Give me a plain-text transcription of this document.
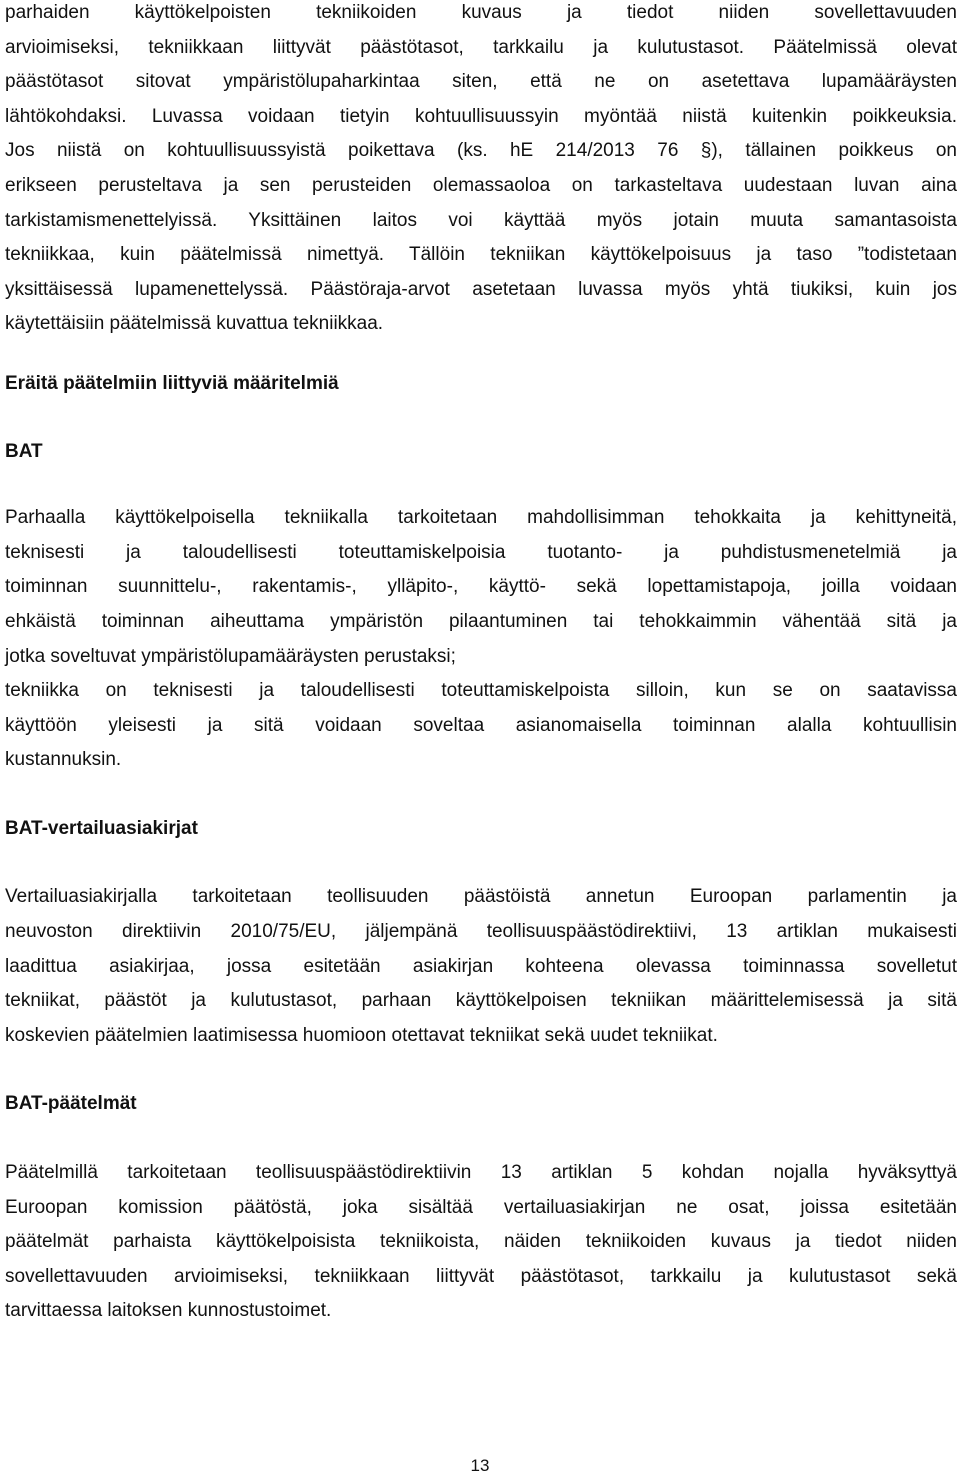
parhaiden käyttökelpoisten tekniikoiden kuvaus ja tiedot niiden sovellettavuuden
arvioimiseksi, tekniikkaan liittyvät päästötasot, tarkkailu ja kulutustasot. Päätelmissä olevat
päästötasot sitovat ympäristölupaharkintaa siten, että ne on asetettava lupamääräysten
lähtökohdaksi. Luvassa voidaan tietyin kohtuullisuussyin myöntää niistä kuitenkin poikkeuksia.
Jos niistä on kohtuullisuussyistä poikettava (ks. hE 214/2013 76 §), tällainen poikkeus on
erikseen perusteltava ja sen perusteiden olemassaoloa on tarkasteltava uudestaan luvan aina
tarkistamismenettelyissä. Yksittäinen laitos voi käyttää myös jotain muuta samantasoista
tekniikkaa, kuin päätelmissä nimettyä. Tällöin tekniikan käyttökelpoisuus ja taso ”todistetaan
yksittäisessä lupamenettelyssä. Päästöraja-arvot asetetaan luvassa myös yhtä tiukiksi, kuin jos
käytettäisiin päätelmissä kuvattua tekniikkaa.

Eräitä päätelmiin liittyviä määritelmiä
BAT

Parhaalla käyttökelpoisella tekniikalla tarkoitetaan mahdollisimman tehokkaita ja kehittyneitä,
teknisesti ja taloudellisesti toteuttamiskelpoisia tuotanto- ja puhdistusmenetelmiä ja
toiminnan suunnittelu-, rakentamis-, ylläpito-, käyttö- sekä lopettamistapoja, joilla voidaan
ehkäistä toiminnan aiheuttama ympäristön pilaantuminen tai tehokkaimmin vähentää sitä ja
jotka soveltuvat ympäristölupamääräysten perustaksi;
tekniikka on teknisesti ja taloudellisesti toteuttamiskelpoista silloin, kun se on saatavissa
käyttöön yleisesti ja sitä voidaan soveltaa asianomaisella toiminnan alalla kohtuullisin
kustannuksin.

BAT-vertailuasiakirjat

Vertailuasiakirjalla tarkoitetaan teollisuuden päästöistä annetun Euroopan parlamentin ja
neuvoston direktiivin 2010/75/EU, jäljempänä teollisuuspäästödirektiivi, 13 artiklan mukaisesti
laadittua asiakirjaa, jossa esitetään asiakirjan kohteena olevassa toiminnassa sovelletut
tekniikat, päästöt ja kulutustasot, parhaan käyttökelpoisen tekniikan määrittelemisessä ja sitä
koskevien päätelmien laatimisessa huomioon otettavat tekniikat sekä uudet tekniikat.

BAT-päätelmät

Päätelmillä tarkoitetaan teollisuuspäästödirektiivin 13 artiklan 5 kohdan nojalla hyväksyttyä
Euroopan komission päätöstä, joka sisältää vertailuasiakirjan ne osat, joissa esitetään
päätelmät parhaista käyttökelpoisista tekniikoista, näiden tekniikoiden kuvaus ja tiedot niiden
sovellettavuuden arvioimiseksi, tekniikkaan liittyvät päästötasot, tarkkailu ja kulutustasot sekä
tarvittaessa laitoksen kunnostustoimet.

13
